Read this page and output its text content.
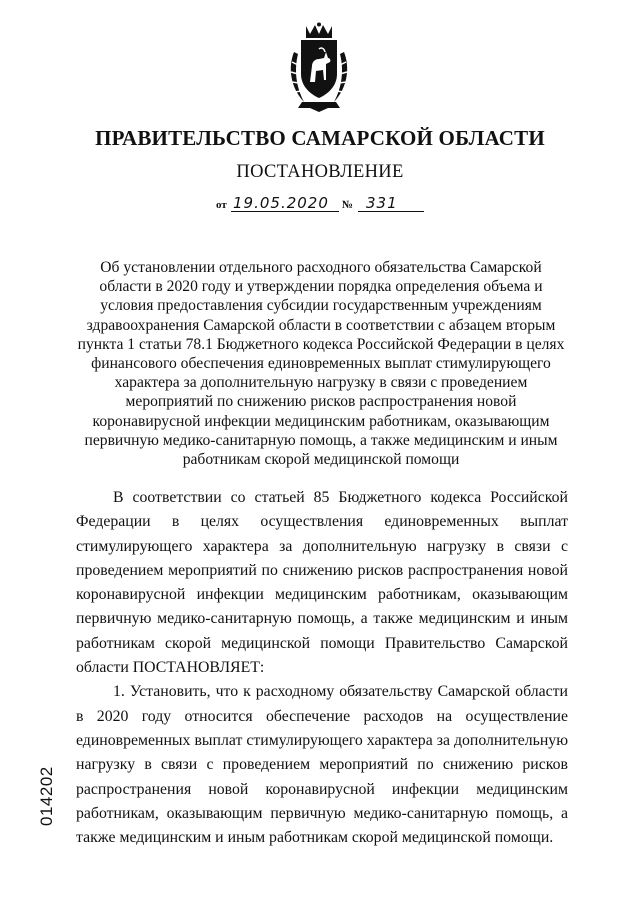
ПРАВИТЕЛЬСТВО САМАРСКОЙ ОБЛАСТИ
ПОСТАНОВЛЕНИЕ
от 19.05.2020 № 331
Об установлении отдельного расходного обязательства Самарской области в 2020 году и утверждении порядка определения объема и условия предоставления субсидии государственным учреждениям здравоохранения Самарской области в соответствии с абзацем вторым пункта 1 статьи 78.1 Бюджетного кодекса Российской Федерации в целях финансового обеспечения единовременных выплат стимулирующего характера за дополнительную нагрузку в связи с проведением мероприятий по снижению рисков распространения новой коронавирусной инфекции медицинским работникам, оказывающим первичную медико-санитарную помощь, а также медицинским и иным работникам скорой медицинской помощи

В соответствии со статьей 85 Бюджетного кодекса Российской Федерации в целях осуществления единовременных выплат стимулирующего характера за дополнительную нагрузку в связи с проведением мероприятий по снижению рисков распространения новой коронавирусной инфекции медицинским работникам, оказывающим первичную медико-санитарную помощь, а также медицинским и иным работникам скорой медицинской помощи Правительство Самарской области ПОСТАНОВЛЯЕТ:

1. Установить, что к расходному обязательству Самарской области в 2020 году относится обеспечение расходов на осуществление единовременных выплат стимулирующего характера за дополнительную нагрузку в связи с проведением мероприятий по снижению рисков распространения новой коронавирусной инфекции медицинским работникам, оказывающим первичную медико-санитарную помощь, а также медицинским и иным работникам скорой медицинской помощи.

014202
